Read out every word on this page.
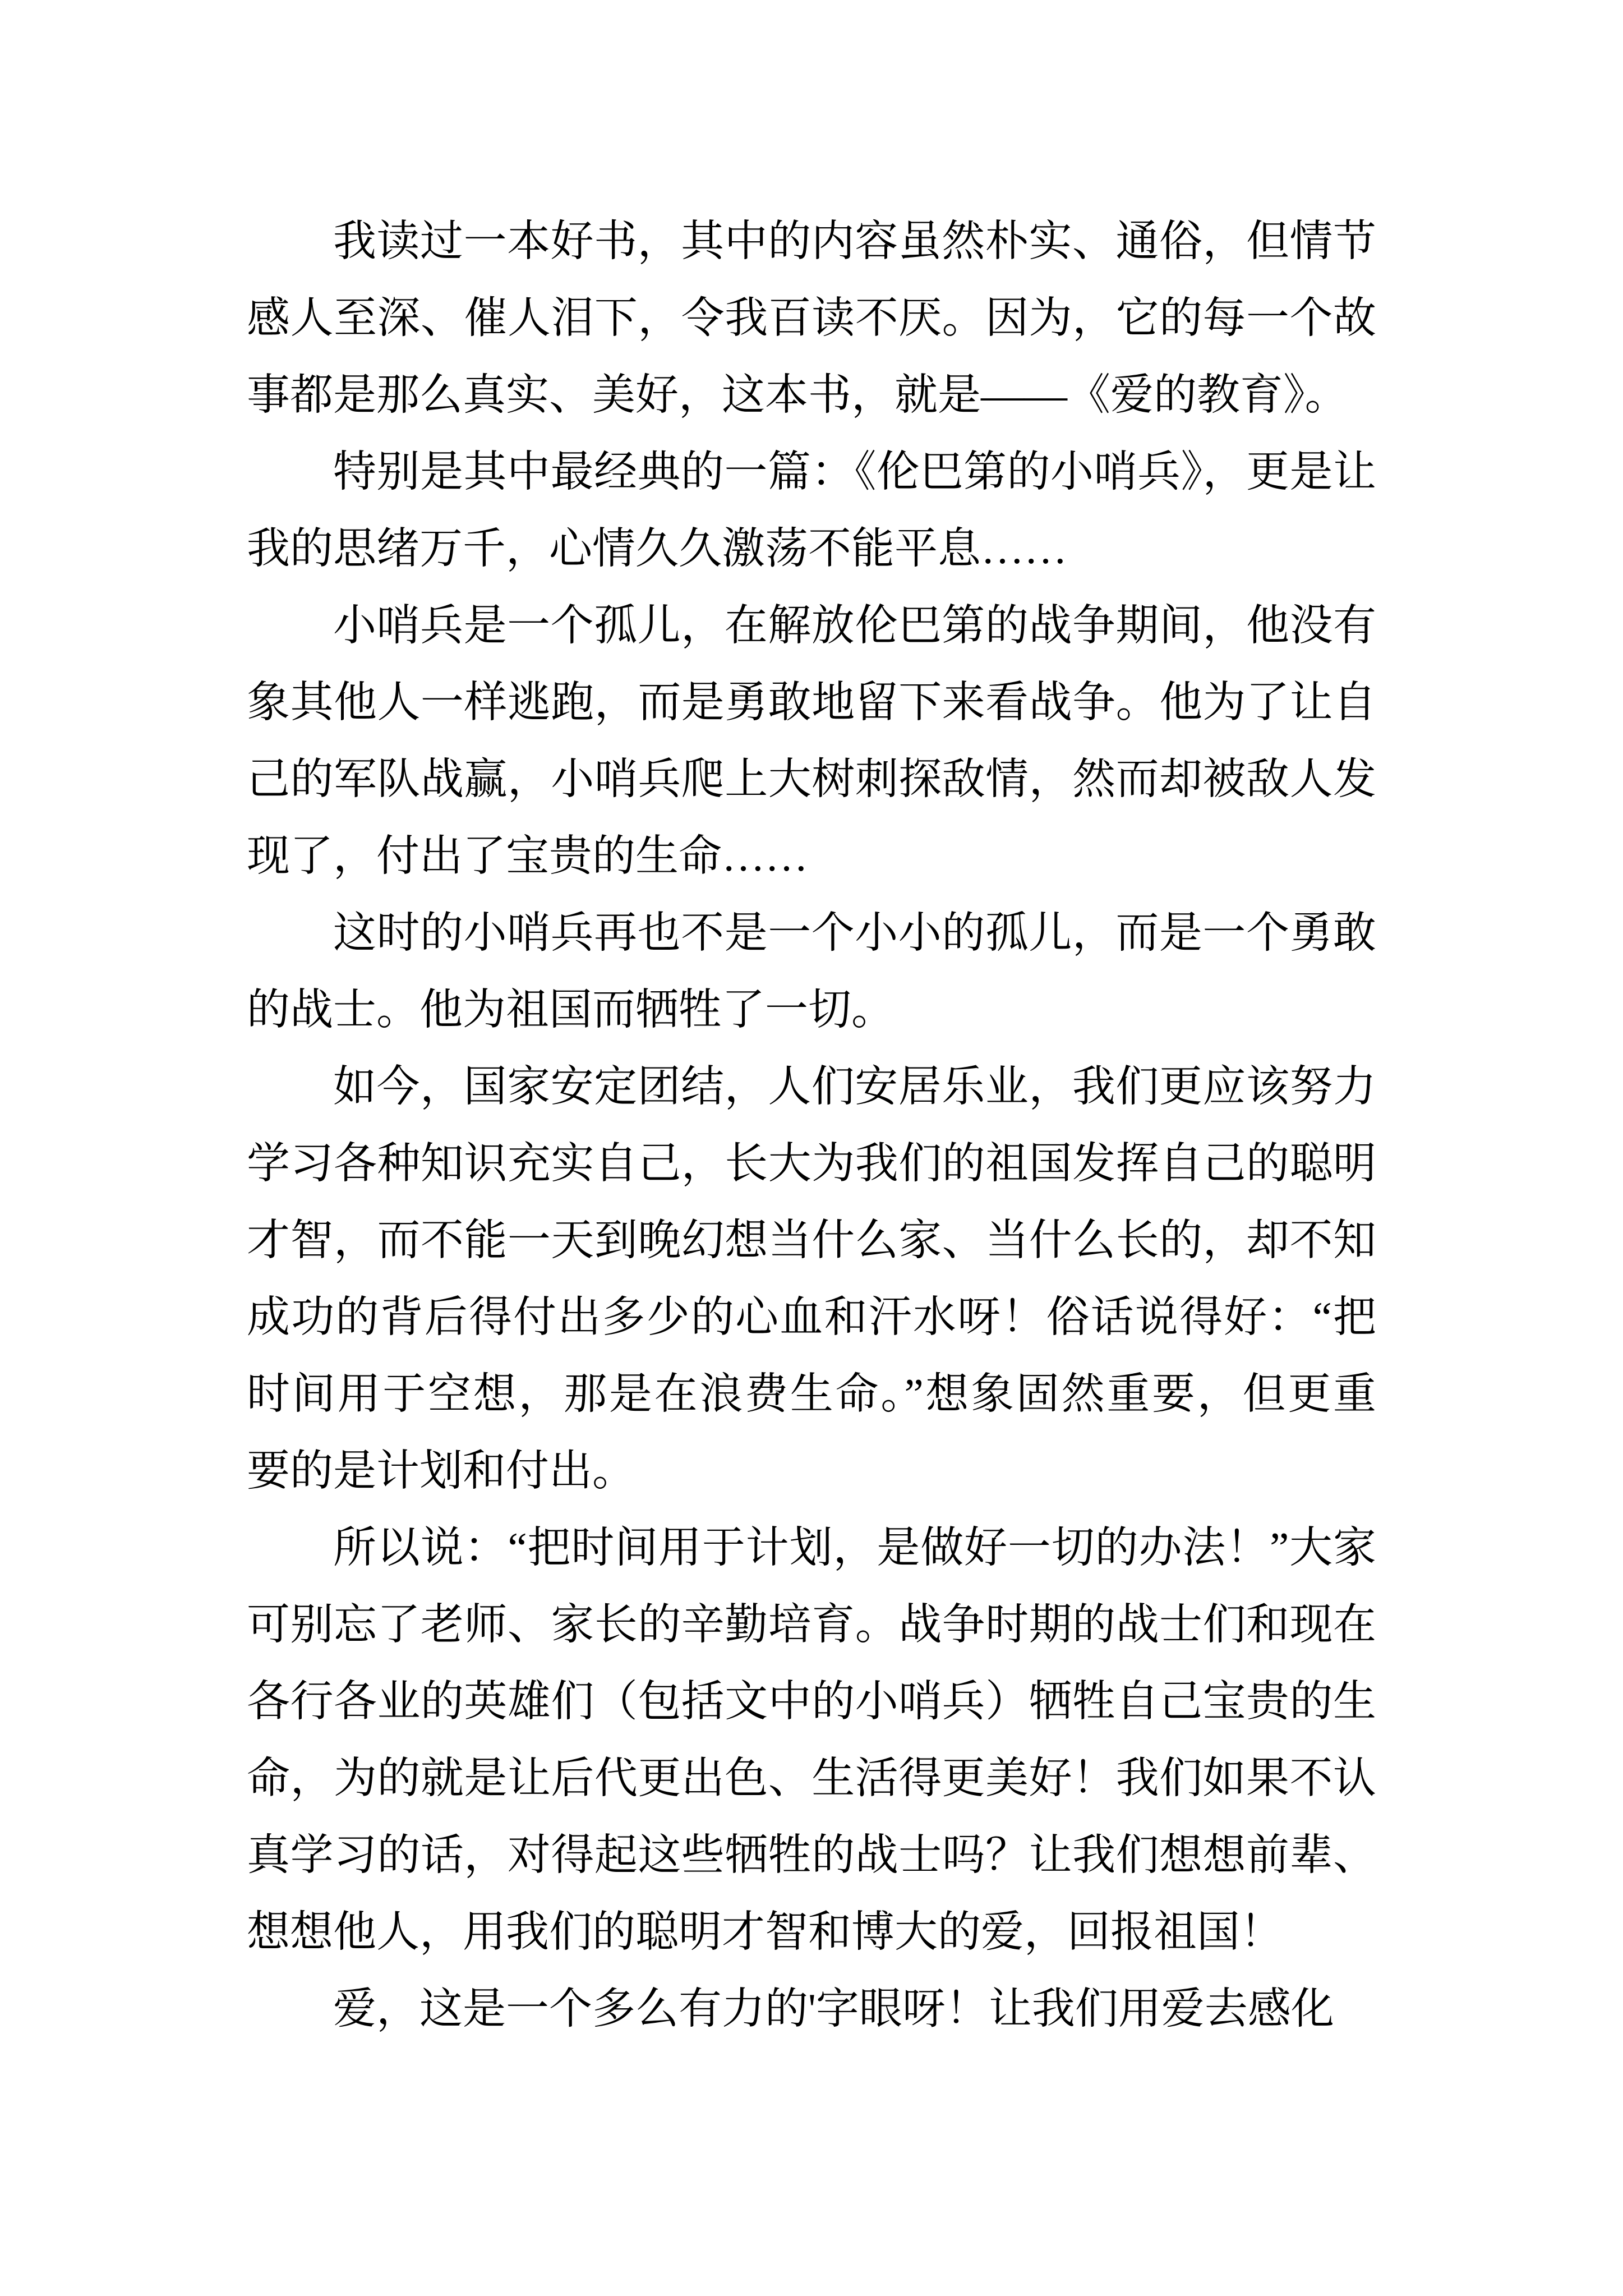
我读过一本好书，其中的内容虽然朴实、通俗，但情节
感人至深、催人泪下，令我百读不厌。因为，它的每一个故
事都是那么真实、美好，这本书，就是——《爱的教育》。
特别是其中最经典的一篇：《伦巴第的小哨兵》，更是让
我的思绪万千，心情久久激荡不能平息……
小哨兵是一个孤儿，在解放伦巴第的战争期间，他没有
象其他人一样逃跑，而是勇敢地留下来看战争。他为了让自
己的军队战赢，小哨兵爬上大树刺探敌情，然而却被敌人发
现了，付出了宝贵的生命……
这时的小哨兵再也不是一个小小的孤儿，而是一个勇敢
的战士。他为祖国而牺牲了一切。
如今，国家安定团结，人们安居乐业，我们更应该努力
学习各种知识充实自己，长大为我们的祖国发挥自己的聪明
才智，而不能一天到晚幻想当什么家、当什么长的，却不知
成功的背后得付出多少的心血和汗水呀！俗话说得好：“把
时间用于空想，那是在浪费生命。”想象固然重要，但更重
要的是计划和付出。
所以说：“把时间用于计划，是做好一切的办法！”大家
可别忘了老师、家长的辛勤培育。战争时期的战士们和现在
各行各业的英雄们（包括文中的小哨兵）牺牲自己宝贵的生
命，为的就是让后代更出色、生活得更美好！我们如果不认
真学习的话，对得起这些牺牲的战士吗？让我们想想前辈、
想想他人，用我们的聪明才智和博大的爱，回报祖国！
爱，这是一个多么有力的'字眼呀！让我们用爱去感化
